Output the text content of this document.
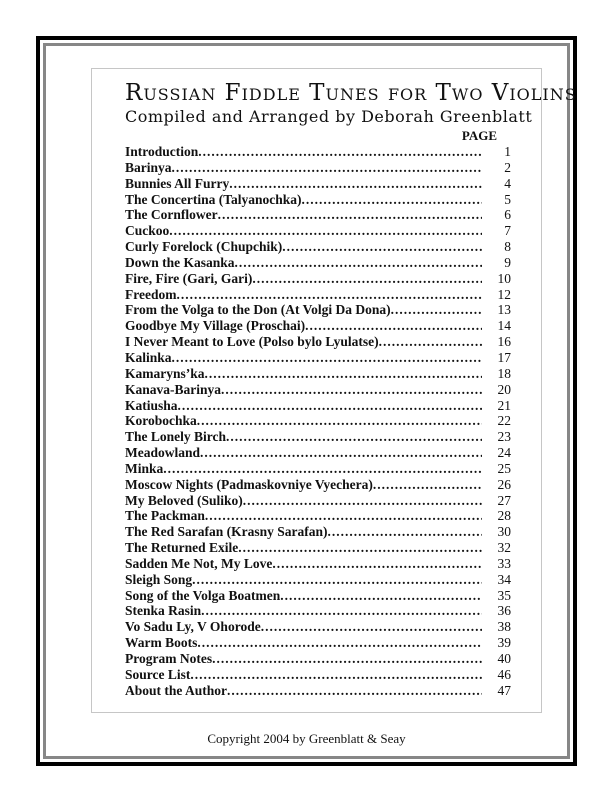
Russian Fiddle Tunes for Two Violins
Compiled and Arranged by Deborah Greenblatt
PAGE
Introduction .....	1
Barinya .....	2
Bunnies All Furry .....	4
The Concertina (Talyanochka) .....	5
The Cornflower .....	6
Cuckoo .....	7
Curly Forelock (Chupchik) .....	8
Down the Kasanka .....	9
Fire, Fire (Gari, Gari) .....	10
Freedom .....	12
From the Volga to the Don (At Volgi Da Dona) .....	13
Goodbye My Village (Proschai) .....	14
I Never Meant to Love (Polso bylo Lyulatse) .....	16
Kalinka .....	17
Kamaryns’ka .....	18
Kanava-Barinya .....	20
Katiusha .....	21
Korobochka .....	22
The Lonely Birch .....	23
Meadowland .....	24
Minka .....	25
Moscow Nights (Padmaskovniye Vyechera) .....	26
My Beloved (Suliko) .....	27
The Packman .....	28
The Red Sarafan (Krasny Sarafan) .....	30
The Returned Exile .....	32
Sadden Me Not, My Love .....	33
Sleigh Song .....	34
Song of the Volga Boatmen .....	35
Stenka Rasin .....	36
Vo Sadu Ly, V Ohorode .....	38
Warm Boots .....	39
Program Notes .....	40
Source List .....	46
About the Author .....	47
Copyright 2004 by Greenblatt & Seay
